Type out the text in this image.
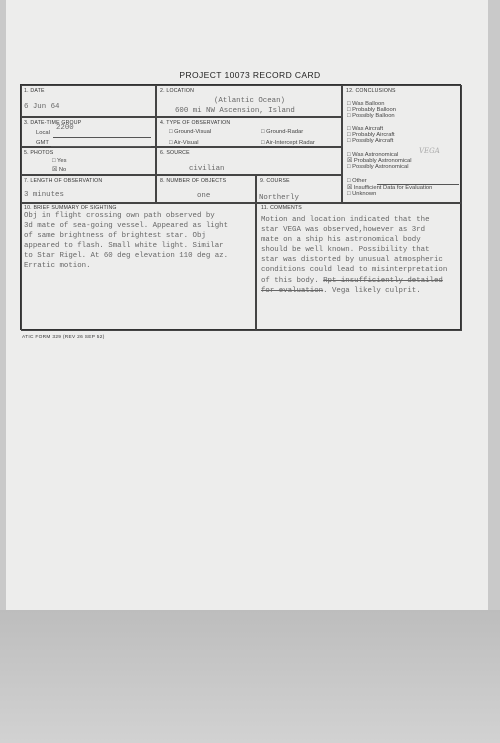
PROJECT 10073 RECORD CARD
1. DATE
6 Jun 64
2. LOCATION
(Atlantic Ocean)
600 mi NW Ascension, Island
3. DATE-TIME GROUP
Local
2200
GMT
4. TYPE OF OBSERVATION
□ Ground-Visual	□ Ground-Radar
□ Air-Visual	□ Air-Intercept Radar
5. PHOTOS
□ Yes
☒ No
6. SOURCE
civilian
7. LENGTH OF OBSERVATION
3 minutes
8. NUMBER OF OBJECTS
one
9. COURSE
Northerly
12. CONCLUSIONS
□ Was Balloon
□ Probably Balloon
□ Possibly Balloon
□ Was Aircraft
□ Probably Aircraft
□ Possibly Aircraft
□ Was Astronomical	VEGA
☒ Probably Astronomical
□ Possibly Astronomical
□ Other
☒ Insufficient Data for Evaluation
□ Unknown
10. BRIEF SUMMARY OF SIGHTING
Obj in flight crossing own path observed by
3d mate of sea-going vessel. Appeared as light
of same brightness of brightest star. Obj
appeared to flash. Small white light. Similar
to Star Rigel. At 60 deg elevation 110 deg az.
Erratic motion.
11. COMMENTS
Motion and location indicated that the
star VEGA was observed,however as 3rd
mate on a ship his astronomical body
should be well known. Possibility that
star was distorted by unusual atmospheric
conditions could lead to misinterpretation
of this body. Rpt insufficiently detailed
for evaluation. Vega likely culprit.
ATIC FORM 329 (REV 26 SEP 52)
